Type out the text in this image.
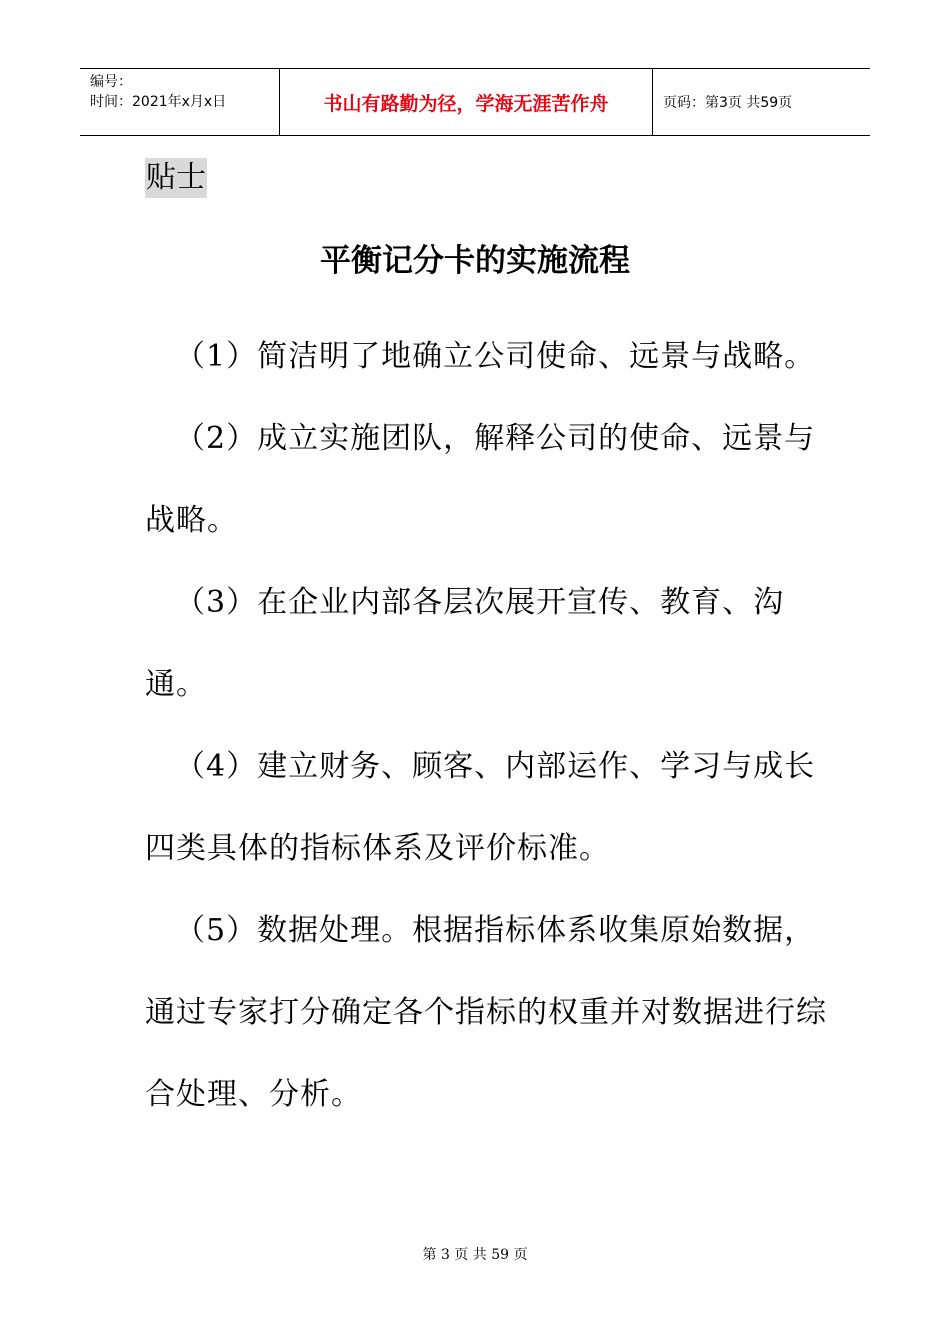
编号：
时间：2021年x月x日	书山有路勤为径，学海无涯苦作舟	页码：第3页 共59页
贴士
平衡记分卡的实施流程

（1）简洁明了地确立公司使命、远景与战略。

（2）成立实施团队，解释公司的使命、远景与战略。

（3）在企业内部各层次展开宣传、教育、沟通。

（4）建立财务、顾客、内部运作、学习与成长四类具体的指标体系及评价标准。

（5）数据处理。根据指标体系收集原始数据，通过专家打分确定各个指标的权重并对数据进行综合处理、分析。

第 3 页 共 59 页
